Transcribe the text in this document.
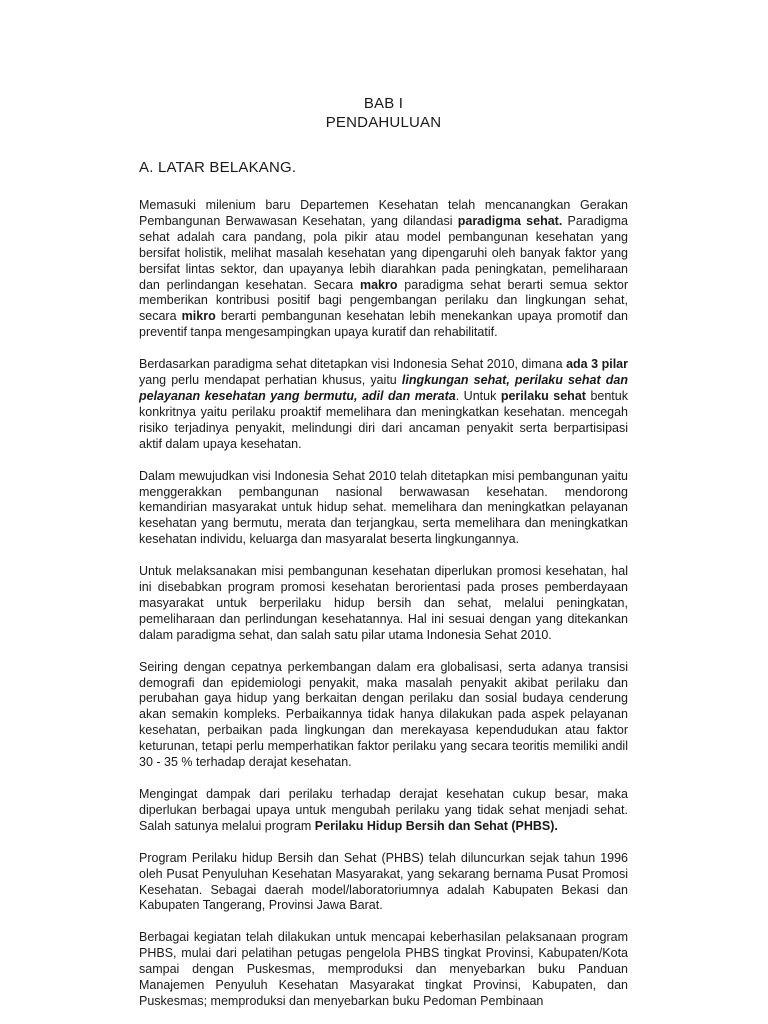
BAB I

PENDAHULUAN

A. LATAR BELAKANG.

Memasuki milenium baru Departemen Kesehatan telah mencanangkan Gerakan Pembangunan Berwawasan Kesehatan, yang dilandasi paradigma sehat. Paradigma sehat adalah cara pandang, pola pikir atau model pembangunan kesehatan yang bersifat holistik, melihat masalah kesehatan yang dipengaruhi oleh banyak faktor yang bersifat lintas sektor, dan upayanya lebih diarahkan pada peningkatan, pemeliharaan dan perlindangan kesehatan. Secara makro paradigma sehat berarti semua sektor memberikan kontribusi positif bagi pengembangan perilaku dan lingkungan sehat, secara mikro berarti pembangunan kesehatan lebih menekankan upaya promotif dan preventif tanpa mengesampingkan upaya kuratif dan rehabilitatif.

Berdasarkan paradigma sehat ditetapkan visi Indonesia Sehat 2010, dimana ada 3 pilar yang perlu mendapat perhatian khusus, yaitu lingkungan sehat, perilaku sehat dan pelayanan kesehatan yang bermutu, adil dan merata. Untuk perilaku sehat bentuk konkritnya yaitu perilaku proaktif memelihara dan meningkatkan kesehatan. mencegah risiko terjadinya penyakit, melindungi diri dari ancaman penyakit serta berpartisipasi aktif dalam upaya kesehatan.

Dalam mewujudkan visi Indonesia Sehat 2010 telah ditetapkan misi pembangunan yaitu menggerakkan pembangunan nasional berwawasan kesehatan. mendorong kemandirian masyarakat untuk hidup sehat. memelihara dan meningkatkan pelayanan kesehatan yang bermutu, merata dan terjangkau, serta memelihara dan meningkatkan kesehatan individu, keluarga dan masyaralat beserta lingkungannya.

Untuk melaksanakan misi pembangunan kesehatan diperlukan promosi kesehatan, hal ini disebabkan program promosi kesehatan berorientasi pada proses pemberdayaan masyarakat untuk berperilaku hidup bersih dan sehat, melalui peningkatan, pemeliharaan dan perlindungan kesehatannya. Hal ini sesuai dengan yang ditekankan dalam paradigma sehat, dan salah satu pilar utama Indonesia Sehat 2010.

Seiring dengan cepatnya perkembangan dalam era globalisasi, serta adanya transisi demografi dan epidemiologi penyakit, maka masalah penyakit akibat perilaku dan perubahan gaya hidup yang berkaitan dengan perilaku dan sosial budaya cenderung akan semakin kompleks. Perbaikannya tidak hanya dilakukan pada aspek pelayanan kesehatan, perbaikan pada lingkungan dan merekayasa kependudukan atau faktor keturunan, tetapi perlu memperhatikan faktor perilaku yang secara teoritis memiliki andil 30 - 35 % terhadap derajat kesehatan.

Mengingat dampak dari perilaku terhadap derajat kesehatan cukup besar, maka diperlukan berbagai upaya untuk mengubah perilaku yang tidak sehat menjadi sehat. Salah satunya melalui program Perilaku Hidup Bersih dan Sehat (PHBS).

Program Perilaku hidup Bersih dan Sehat (PHBS) telah diluncurkan sejak tahun 1996 oleh Pusat Penyuluhan Kesehatan Masyarakat, yang sekarang bernama Pusat Promosi Kesehatan. Sebagai daerah model/laboratoriumnya adalah Kabupaten Bekasi dan Kabupaten Tangerang, Provinsi Jawa Barat.

Berbagai kegiatan telah dilakukan untuk mencapai keberhasilan pelaksanaan program PHBS, mulai dari pelatihan petugas pengelola PHBS tingkat Provinsi, Kabupaten/Kota sampai dengan Puskesmas, memproduksi dan menyebarkan buku Panduan Manajemen Penyuluh Kesehatan Masyarakat tingkat Provinsi, Kabupaten, dan Puskesmas; memproduksi dan menyebarkan buku Pedoman Pembinaan
